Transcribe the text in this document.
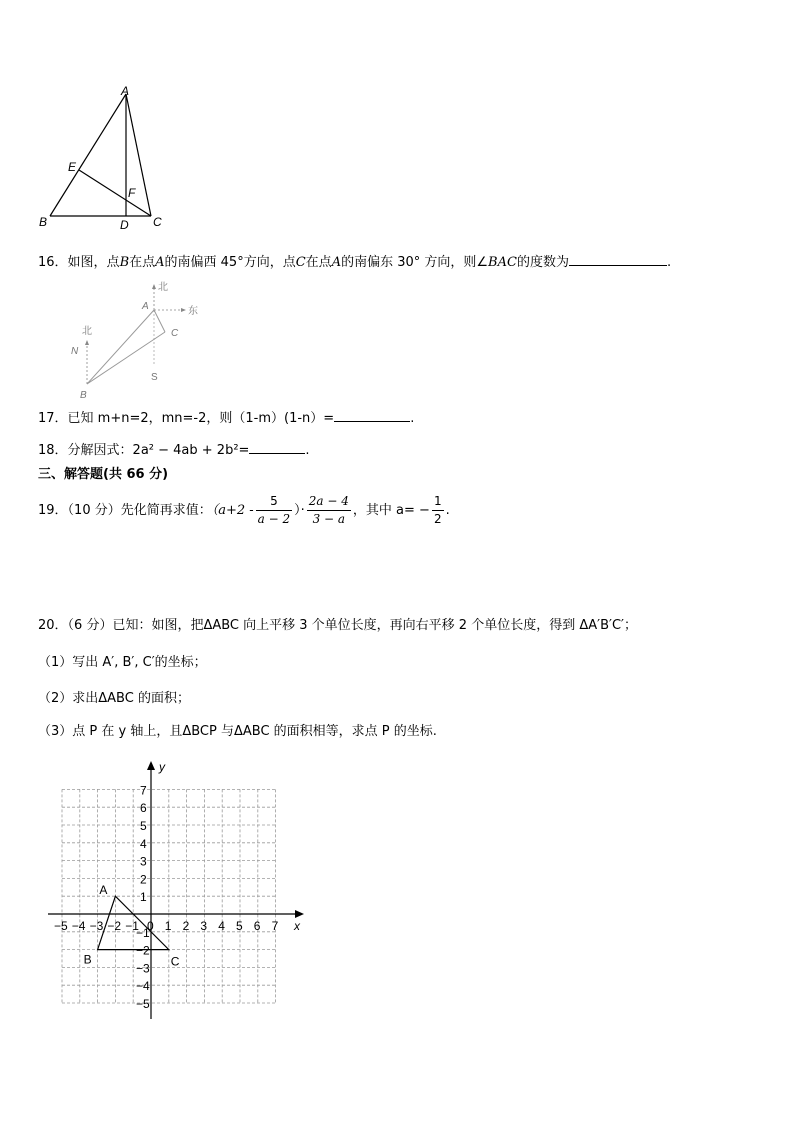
A
E
F
B	D C
16．如图，点B在点A的南偏西 45°方向，点C在点A的南偏东 30° 方向，则∠BAC的度数为	.
北
东
A
C
S
北
N
B
17．已知 m+n=2，mn=-2，则（1-m）(1-n）=	.
18．分解因式：2a² − 4ab + 2b²=	.
三、解答题(共 66 分)
19．（10 分）先化简再求值：（$a+2 - \frac{5}{a - 2}$ ）· $\frac{2a - 4}{3 - a}$ ，其中 $a= - \frac{1}{2}$ .
20．（6 分）已知：如图，把ΔABC 向上平移 3 个单位长度，再向右平移 2 个单位长度，得到 ΔA′B′C′；
（1）写出 A′, B′, C′的坐标；
（2）求出ΔABC 的面积；
（3）点 P 在 y 轴上，且ΔBCP 与ΔABC 的面积相等，求点 P 的坐标.
x
y
−5 −4 −3 −2 −1 0 1 2 3 4 5 6 7
7
6
5
4
3
2
1
−1
−2
−3
−4
−5
A
B	C
